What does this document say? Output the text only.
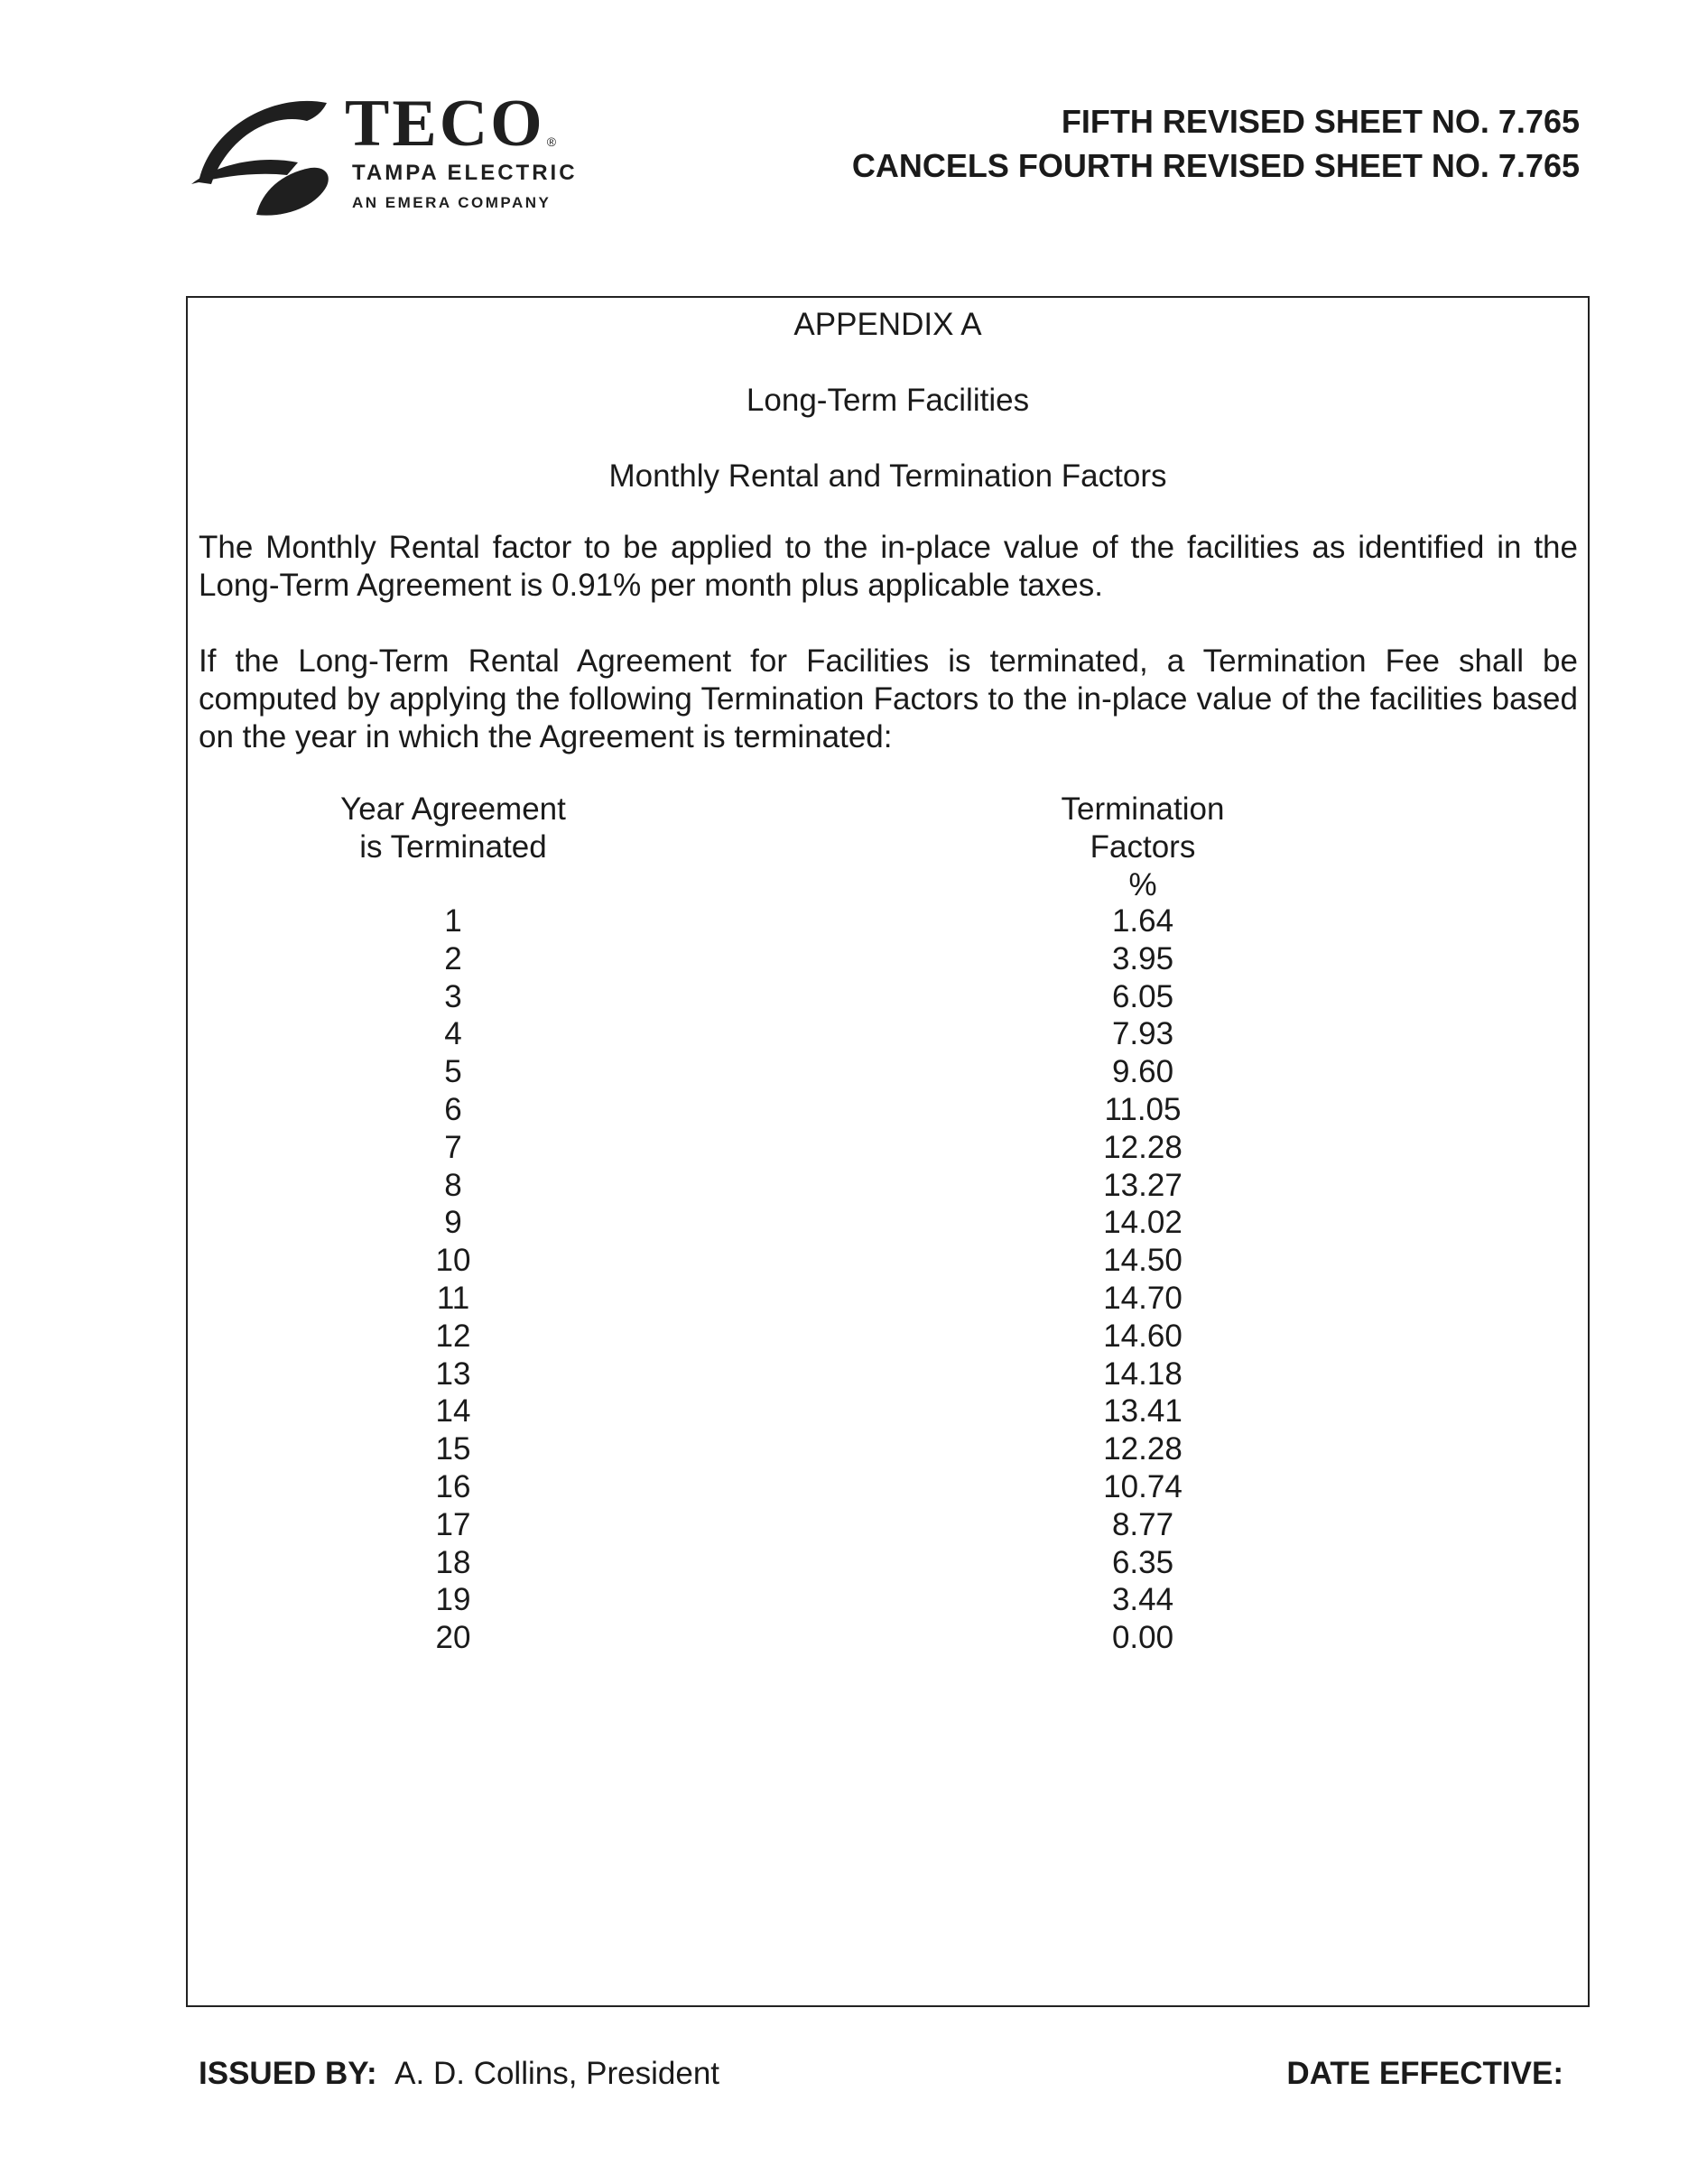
TECO ®
TAMPA ELECTRIC
AN EMERA COMPANY
FIFTH REVISED SHEET NO. 7.765
CANCELS FOURTH REVISED SHEET NO. 7.765
APPENDIX A
Long-Term Facilities
Monthly Rental and Termination Factors
The Monthly Rental factor to be applied to the in-place value of the facilities as identified in the Long-Term Agreement is 0.91% per month plus applicable taxes.
If the Long-Term Rental Agreement for Facilities is terminated, a Termination Fee shall be computed by applying the following Termination Factors to the in-place value of the facilities based on the year in which the Agreement is terminated:
Year Agreement
is Terminated
Termination
Factors
%
1
2
3
4
5
6
7
8
9
10
11
12
13
14
15
16
17
18
19
20
1.64
3.95
6.05
7.93
9.60
11.05
12.28
13.27
14.02
14.50
14.70
14.60
14.18
13.41
12.28
10.74
8.77
6.35
3.44
0.00
ISSUED BY: A. D. Collins, President	DATE EFFECTIVE:
